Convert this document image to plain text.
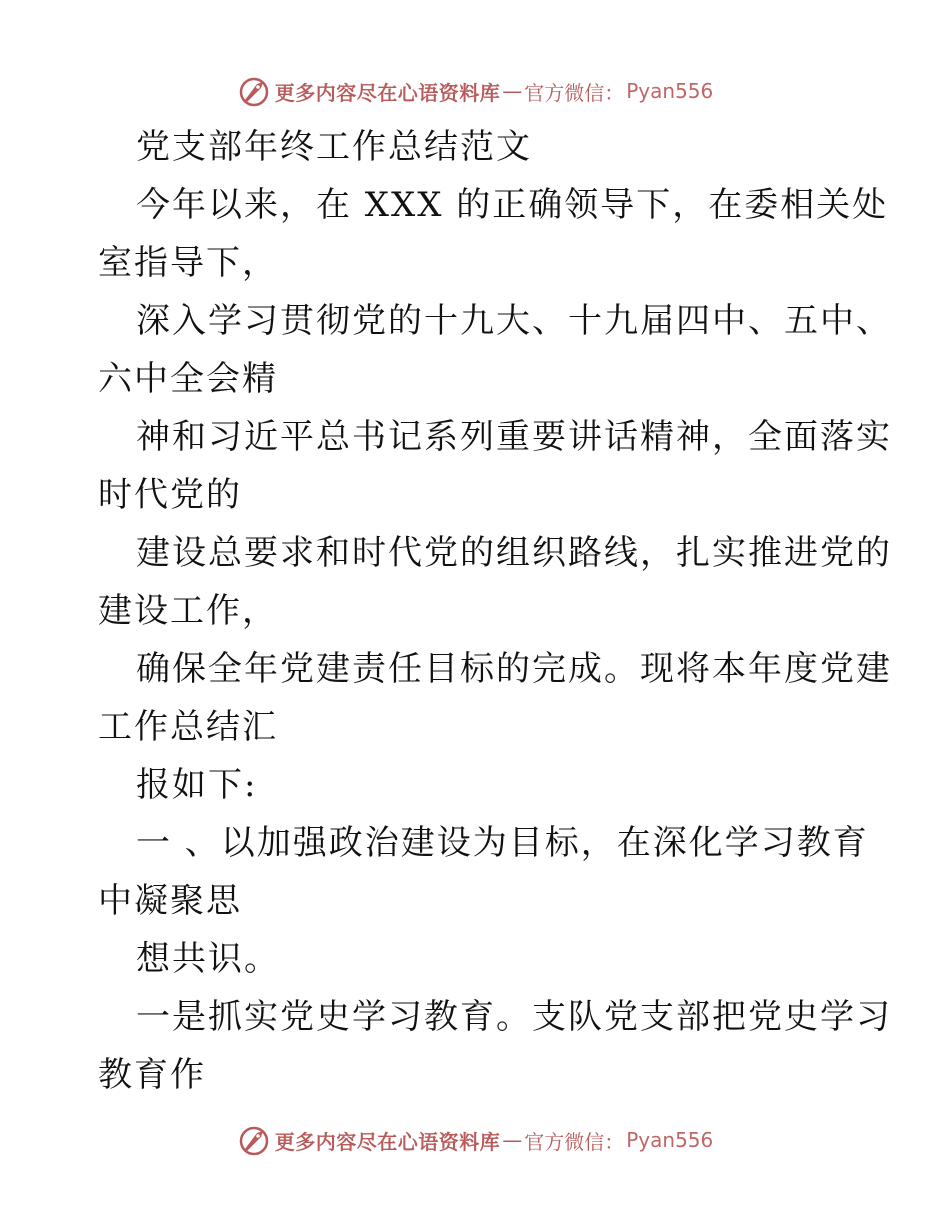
更多内容尽在心语资料库 — 官方微信： Pyan556
党支部年终工作总结范文
今年以来，在 XXX 的正确领导下，在委相关处
室指导下，
深入学习贯彻党的十九大、十九届四中、五中、
六中全会精
神和习近平总书记系列重要讲话精神，全面落实
时代党的
建设总要求和时代党的组织路线，扎实推进党的
建设工作，
确保全年党建责任目标的完成。现将本年度党建
工作总结汇
报如下:
一 、以加强政治建设为目标，在深化学习教育
中凝聚思
想共识。
一是抓实党史学习教育。支队党支部把党史学习
教育作
更多内容尽在心语资料库 — 官方微信： Pyan556
